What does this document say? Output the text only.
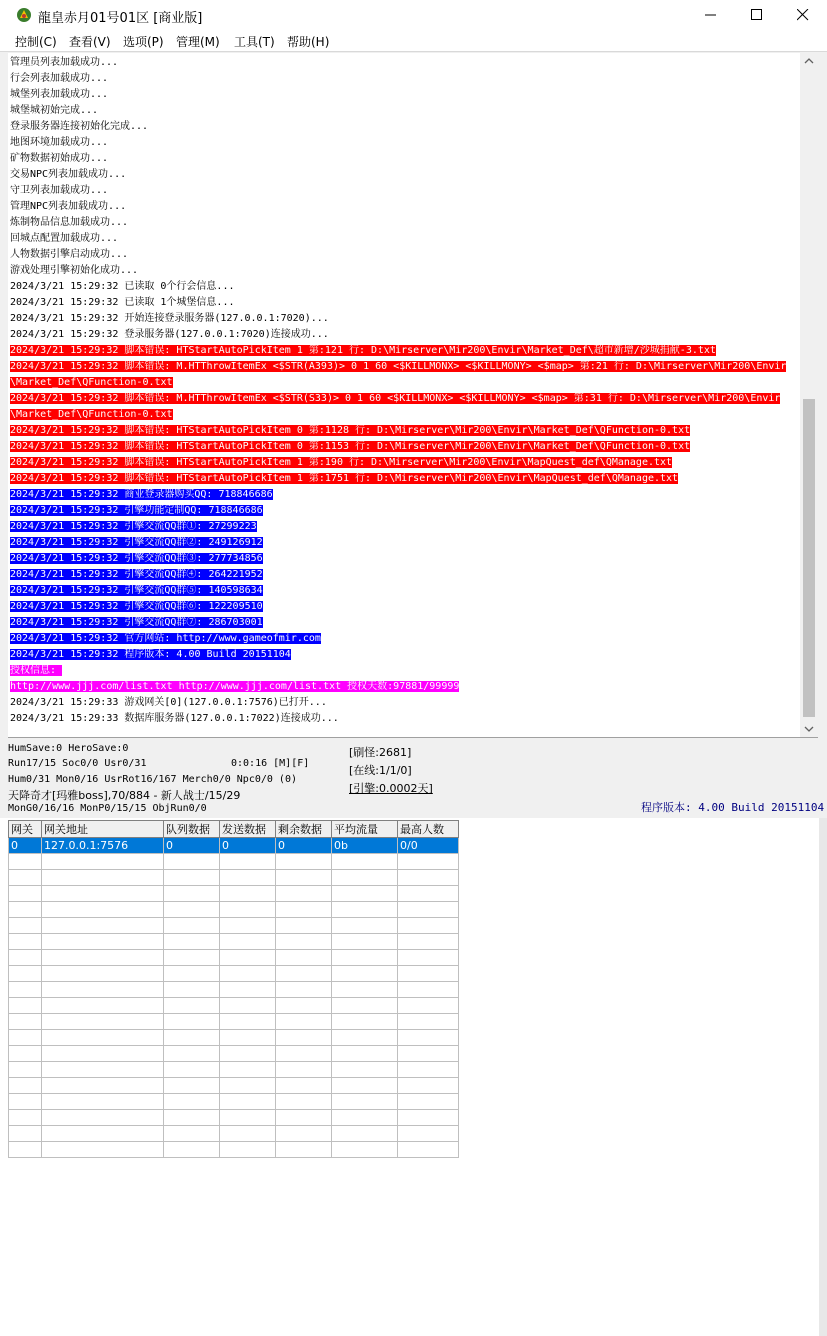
龍皇赤月01号01区 [商业版]
控制(C) 查看(V) 选项(P) 管理(M) 工具(T) 帮助(H)
管理员列表加载成功...
行会列表加载成功...
城堡列表加载成功...
城堡城初始完成...
登录服务器连接初始化完成...
地图环境加载成功...
矿物数据初始成功...
交易NPC列表加载成功...
守卫列表加载成功...
管理NPC列表加载成功...
炼制物品信息加载成功...
回城点配置加载成功...
人物数据引擎启动成功...
游戏处理引擎初始化成功...
2024/3/21 15:29:32 已读取 0个行会信息...
2024/3/21 15:29:32 已读取 1个城堡信息...
2024/3/21 15:29:32 开始连接登录服务器(127.0.0.1:7020)...
2024/3/21 15:29:32 登录服务器(127.0.0.1:7020)连接成功...
2024/3/21 15:29:32 脚本错误: HTStartAutoPickItem 1 第:121 行: D:\Mirserver\Mir200\Envir\Market_Def\超市新增/沙城捐献-3.txt
2024/3/21 15:29:32 脚本错误: M.HTThrowItemEx <$STR(A393)> 0 1 60 <$KILLMONX> <$KILLMONY> <$map> 第:21 行: D:\Mirserver\Mir200\Envir
\Market_Def\QFunction-0.txt
2024/3/21 15:29:32 脚本错误: M.HTThrowItemEx <$STR(S33)> 0 1 60 <$KILLMONX> <$KILLMONY> <$map> 第:31 行: D:\Mirserver\Mir200\Envir
\Market_Def\QFunction-0.txt
2024/3/21 15:29:32 脚本错误: HTStartAutoPickItem 0 第:1128 行: D:\Mirserver\Mir200\Envir\Market_Def\QFunction-0.txt
2024/3/21 15:29:32 脚本错误: HTStartAutoPickItem 0 第:1153 行: D:\Mirserver\Mir200\Envir\Market_Def\QFunction-0.txt
2024/3/21 15:29:32 脚本错误: HTStartAutoPickItem 1 第:190 行: D:\Mirserver\Mir200\Envir\MapQuest_def\QManage.txt
2024/3/21 15:29:32 脚本错误: HTStartAutoPickItem 1 第:1751 行: D:\Mirserver\Mir200\Envir\MapQuest_def\QManage.txt
2024/3/21 15:29:32 商业登录器购买QQ: 718846686
2024/3/21 15:29:32 引擎功能定制QQ: 718846686
2024/3/21 15:29:32 引擎交流QQ群①: 27299223
2024/3/21 15:29:32 引擎交流QQ群②: 249126912
2024/3/21 15:29:32 引擎交流QQ群③: 277734856
2024/3/21 15:29:32 引擎交流QQ群④: 264221952
2024/3/21 15:29:32 引擎交流QQ群⑤: 140598634
2024/3/21 15:29:32 引擎交流QQ群⑥: 122209510
2024/3/21 15:29:32 引擎交流QQ群⑦: 286703001
2024/3/21 15:29:32 官方网站: http://www.gameofmir.com
2024/3/21 15:29:32 程序版本: 4.00 Build 20151104
授权信息:
http://www.jjj.com/list.txt http://www.jjj.com/list.txt 授权天数:97881/99999
2024/3/21 15:29:33 游戏网关[0](127.0.0.1:7576)已打开...
2024/3/21 15:29:33 数据库服务器(127.0.0.1:7022)连接成功...
HumSave:0 HeroSave:0
Run17/15 Soc0/0 Usr0/31	0:0:16 [M][F]
Hum0/31 Mon0/16 UsrRot16/167 Merch0/0 Npc0/0 (0)
天降奇才[玛雅boss],70/884 - 新人战士/15/29
MonG0/16/16 MonP0/15/15 ObjRun0/0
[刷怪:2681]
[在线:1/1/0]
[引擎:0.0002天]
程序版本: 4.00 Build 20151104
网关	网关地址	队列数据	发送数据	剩余数据	平均流量	最高人数
0	127.0.0.1:7576	0	0	0	0b	0/0
